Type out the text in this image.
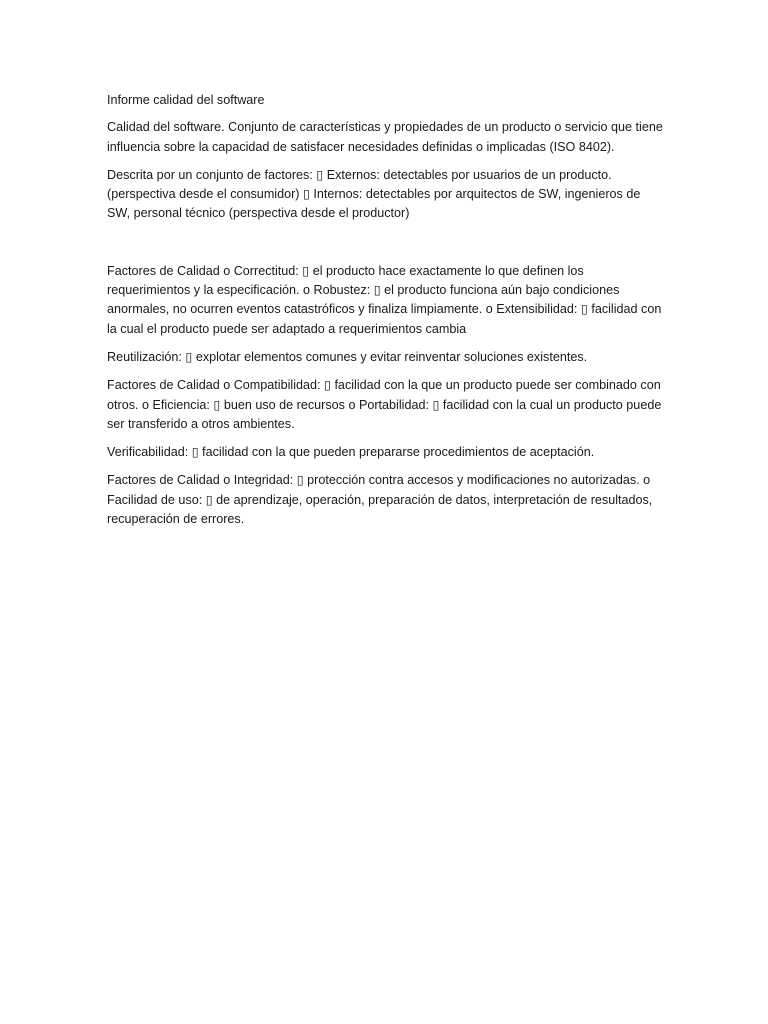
Informe calidad del software

Calidad del software. Conjunto de características y propiedades de un producto o servicio que tiene influencia sobre la capacidad de satisfacer necesidades definidas o implicadas (ISO 8402).

Descrita por un conjunto de factores: ▯ Externos: detectables por usuarios de un producto. (perspectiva desde el consumidor) ▯ Internos: detectables por arquitectos de SW, ingenieros de SW, personal técnico (perspectiva desde el productor)

Factores de Calidad o Correctitud: ▯ el producto hace exactamente lo que definen los requerimientos y la especificación. o Robustez: ▯ el producto funciona aún bajo condiciones anormales, no ocurren eventos catastróficos y finaliza limpiamente. o Extensibilidad: ▯ facilidad con la cual el producto puede ser adaptado a requerimientos cambia

Reutilización: ▯ explotar elementos comunes y evitar reinventar soluciones existentes.

Factores de Calidad o Compatibilidad: ▯ facilidad con la que un producto puede ser combinado con otros. o Eficiencia: ▯ buen uso de recursos o Portabilidad: ▯ facilidad con la cual un producto puede ser transferido a otros ambientes.

Verificabilidad: ▯ facilidad con la que pueden prepararse procedimientos de aceptación.

Factores de Calidad o Integridad: ▯ protección contra accesos y modificaciones no autorizadas. o Facilidad de uso: ▯ de aprendizaje, operación, preparación de datos, interpretación de resultados, recuperación de errores.
